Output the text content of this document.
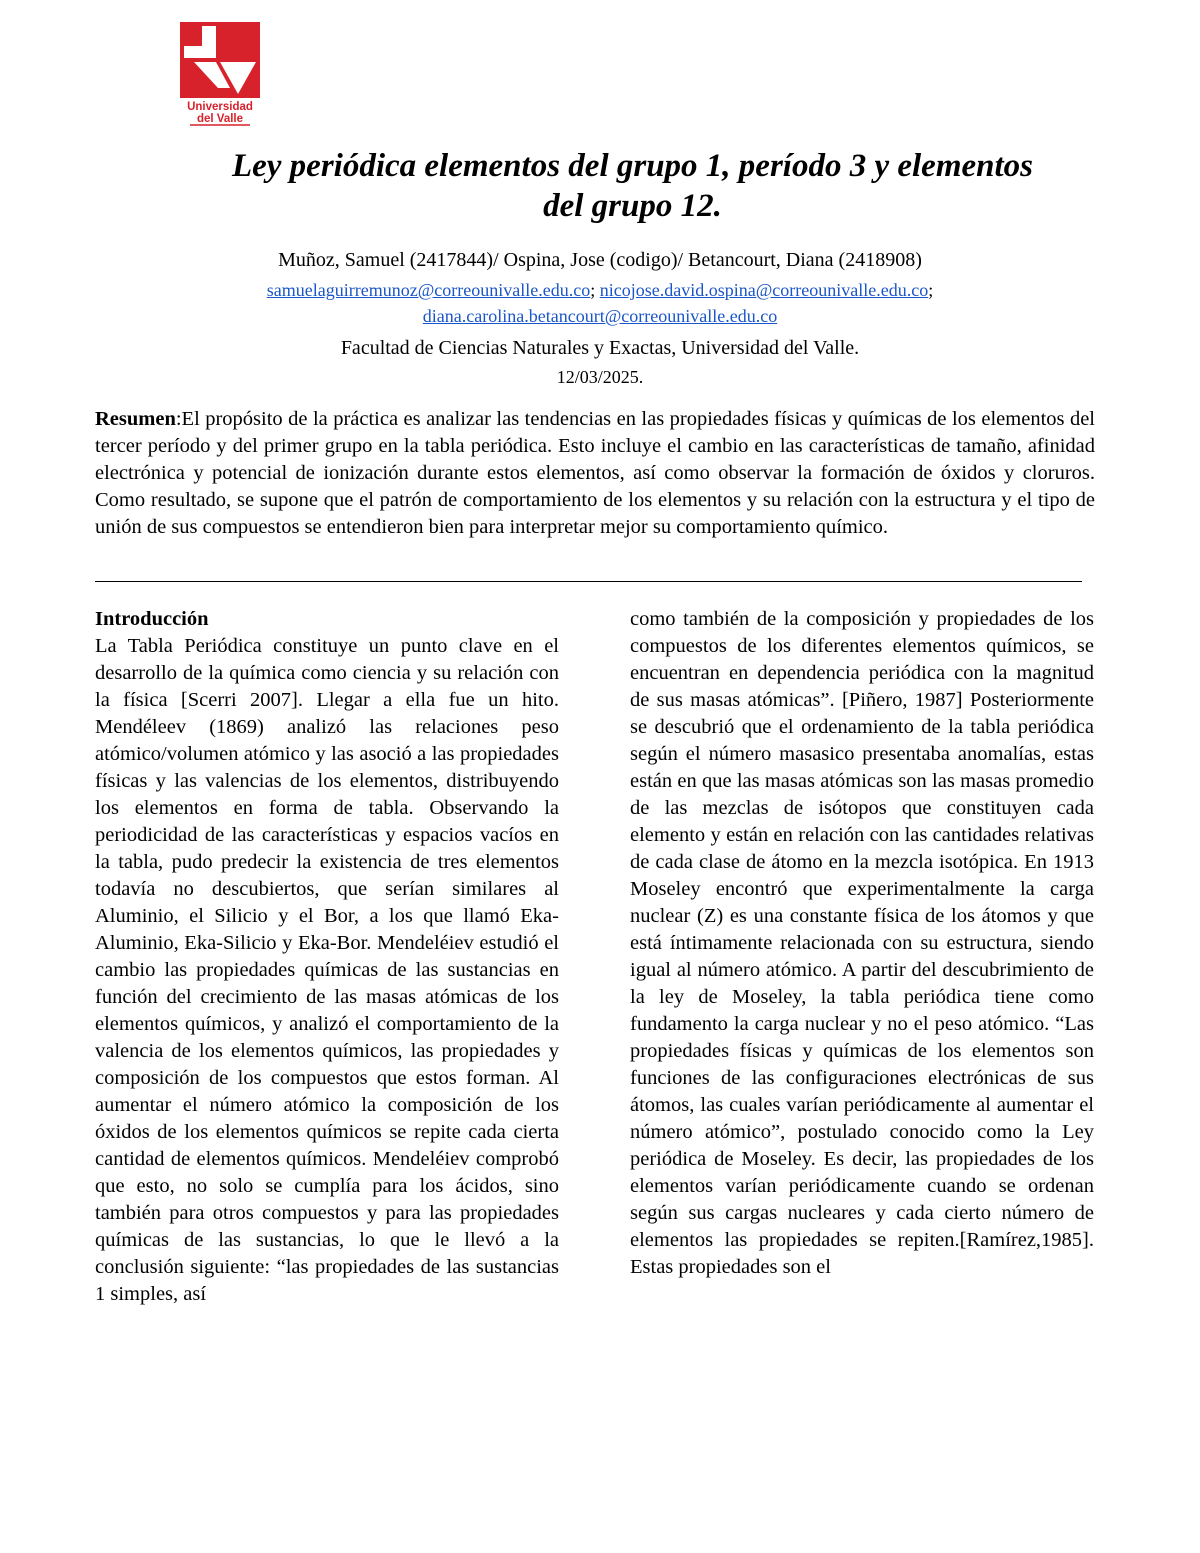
Universidad
del Valle
Ley periódica elementos del grupo 1, período 3 y elementos
del grupo 12.
Muñoz, Samuel (2417844)/ Ospina, Jose (codigo)/ Betancourt, Diana (2418908)
samuelaguirremunoz@correounivalle.edu.co; nicojose.david.ospina@correounivalle.edu.co;
diana.carolina.betancourt@correounivalle.edu.co
Facultad de Ciencias Naturales y Exactas, Universidad del Valle.
12/03/2025.

Resumen:El propósito de la práctica es analizar las tendencias en las propiedades físicas y químicas de los elementos del tercer período y del primer grupo en la tabla periódica. Esto incluye el cambio en las características de tamaño, afinidad electrónica y potencial de ionización durante estos elementos, así como observar la formación de óxidos y cloruros. Como resultado, se supone que el patrón de comportamiento de los elementos y su relación con la estructura y el tipo de unión de sus compuestos se entendieron bien para interpretar mejor su comportamiento químico.

Introducción

La Tabla Periódica constituye un punto clave en el desarrollo de la química como ciencia y su relación con la física [Scerri 2007]. Llegar a ella fue un hito. Mendéleev (1869) analizó las relaciones peso atómico/volumen atómico y las asoció a las propiedades físicas y las valencias de los elementos, distribuyendo los elementos en forma de tabla. Observando la periodicidad de las características y espacios vacíos en la tabla, pudo predecir la existencia de tres elementos todavía no descubiertos, que serían similares al Aluminio, el Silicio y el Bor, a los que llamó Eka-Aluminio, Eka-Silicio y Eka-Bor. Mendeléiev estudió el cambio las propiedades químicas de las sustancias en función del crecimiento de las masas atómicas de los elementos químicos, y analizó el comportamiento de la valencia de los elementos químicos, las propiedades y composición de los compuestos que estos forman. Al aumentar el número atómico la composición de los óxidos de los elementos químicos se repite cada cierta cantidad de elementos químicos. Mendeléiev comprobó que esto, no solo se cumplía para los ácidos, sino también para otros compuestos y para las propiedades químicas de las sustancias, lo que le llevó a la conclusión siguiente: “las propiedades de las sustancias 1 simples, así

como también de la composición y propiedades de los compuestos de los diferentes elementos químicos, se encuentran en dependencia periódica con la magnitud de sus masas atómicas”. [Piñero, 1987] Posteriormente se descubrió que el ordenamiento de la tabla periódica según el número masasico presentaba anomalías, estas están en que las masas atómicas son las masas promedio de las mezclas de isótopos que constituyen cada elemento y están en relación con las cantidades relativas de cada clase de átomo en la mezcla isotópica. En 1913 Moseley encontró que experimentalmente la carga nuclear (Z) es una constante física de los átomos y que está íntimamente relacionada con su estructura, siendo igual al número atómico. A partir del descubrimiento de la ley de Moseley, la tabla periódica tiene como fundamento la carga nuclear y no el peso atómico. “Las propiedades físicas y químicas de los elementos son funciones de las configuraciones electrónicas de sus átomos, las cuales varían periódicamente al aumentar el número atómico”, postulado conocido como la Ley periódica de Moseley. Es decir, las propiedades de los elementos varían periódicamente cuando se ordenan según sus cargas nucleares y cada cierto número de elementos las propiedades se repiten.[Ramírez,1985]. Estas propiedades son el
